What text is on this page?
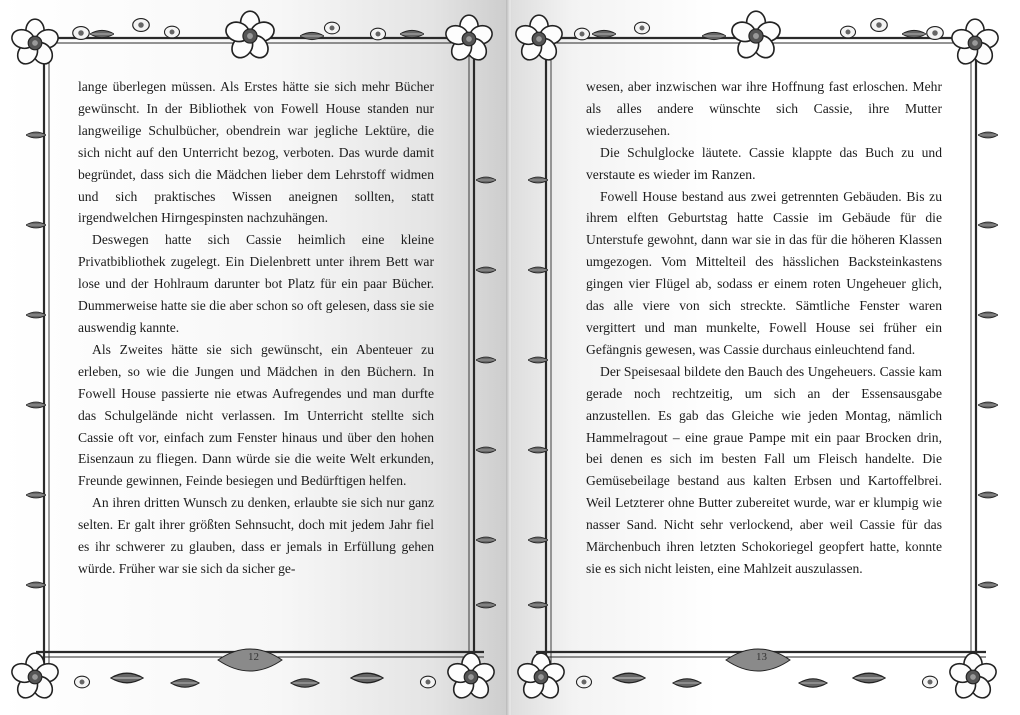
lange überlegen müssen. Als Erstes hätte sie sich mehr Bücher gewünscht. In der Bibliothek von Fowell House standen nur langweilige Schulbücher, obendrein war jegliche Lektüre, die sich nicht auf den Unterricht bezog, verboten. Das wurde damit begründet, dass sich die Mädchen lieber dem Lehrstoff widmen und sich praktisches Wissen aneignen sollten, statt irgendwelchen Hirngespinsten nachzuhängen.

Deswegen hatte sich Cassie heimlich eine kleine Privatbibliothek zugelegt. Ein Dielenbrett unter ihrem Bett war lose und der Hohlraum darunter bot Platz für ein paar Bücher. Dummerweise hatte sie die aber schon so oft gelesen, dass sie sie auswendig kannte.

Als Zweites hätte sie sich gewünscht, ein Abenteuer zu erleben, so wie die Jungen und Mädchen in den Büchern. In Fowell House passierte nie etwas Aufregendes und man durfte das Schulgelände nicht verlassen. Im Unterricht stellte sich Cassie oft vor, einfach zum Fenster hinaus und über den hohen Eisenzaun zu fliegen. Dann würde sie die weite Welt erkunden, Freunde gewinnen, Feinde besiegen und Bedürftigen helfen.

An ihren dritten Wunsch zu denken, erlaubte sie sich nur ganz selten. Er galt ihrer größten Sehnsucht, doch mit jedem Jahr fiel es ihr schwerer zu glauben, dass er jemals in Erfüllung gehen würde. Früher war sie sich da sicher ge-

12

wesen, aber inzwischen war ihre Hoffnung fast erloschen. Mehr als alles andere wünschte sich Cassie, ihre Mutter wiederzusehen.

Die Schulglocke läutete. Cassie klappte das Buch zu und verstaute es wieder im Ranzen.

Fowell House bestand aus zwei getrennten Gebäuden. Bis zu ihrem elften Geburtstag hatte Cassie im Gebäude für die Unterstufe gewohnt, dann war sie in das für die höheren Klassen umgezogen. Vom Mittelteil des hässlichen Backsteinkastens gingen vier Flügel ab, sodass er einem roten Ungeheuer glich, das alle viere von sich streckte. Sämtliche Fenster waren vergittert und man munkelte, Fowell House sei früher ein Gefängnis gewesen, was Cassie durchaus einleuchtend fand.

Der Speisesaal bildete den Bauch des Ungeheuers. Cassie kam gerade noch rechtzeitig, um sich an der Essensausgabe anzustellen. Es gab das Gleiche wie jeden Montag, nämlich Hammelragout – eine graue Pampe mit ein paar Brocken drin, bei denen es sich im besten Fall um Fleisch handelte. Die Gemüsebeilage bestand aus kalten Erbsen und Kartoffelbrei. Weil Letzterer ohne Butter zubereitet wurde, war er klumpig wie nasser Sand. Nicht sehr verlockend, aber weil Cassie für das Märchenbuch ihren letzten Schokoriegel geopfert hatte, konnte sie es sich nicht leisten, eine Mahlzeit auszulassen.

13
